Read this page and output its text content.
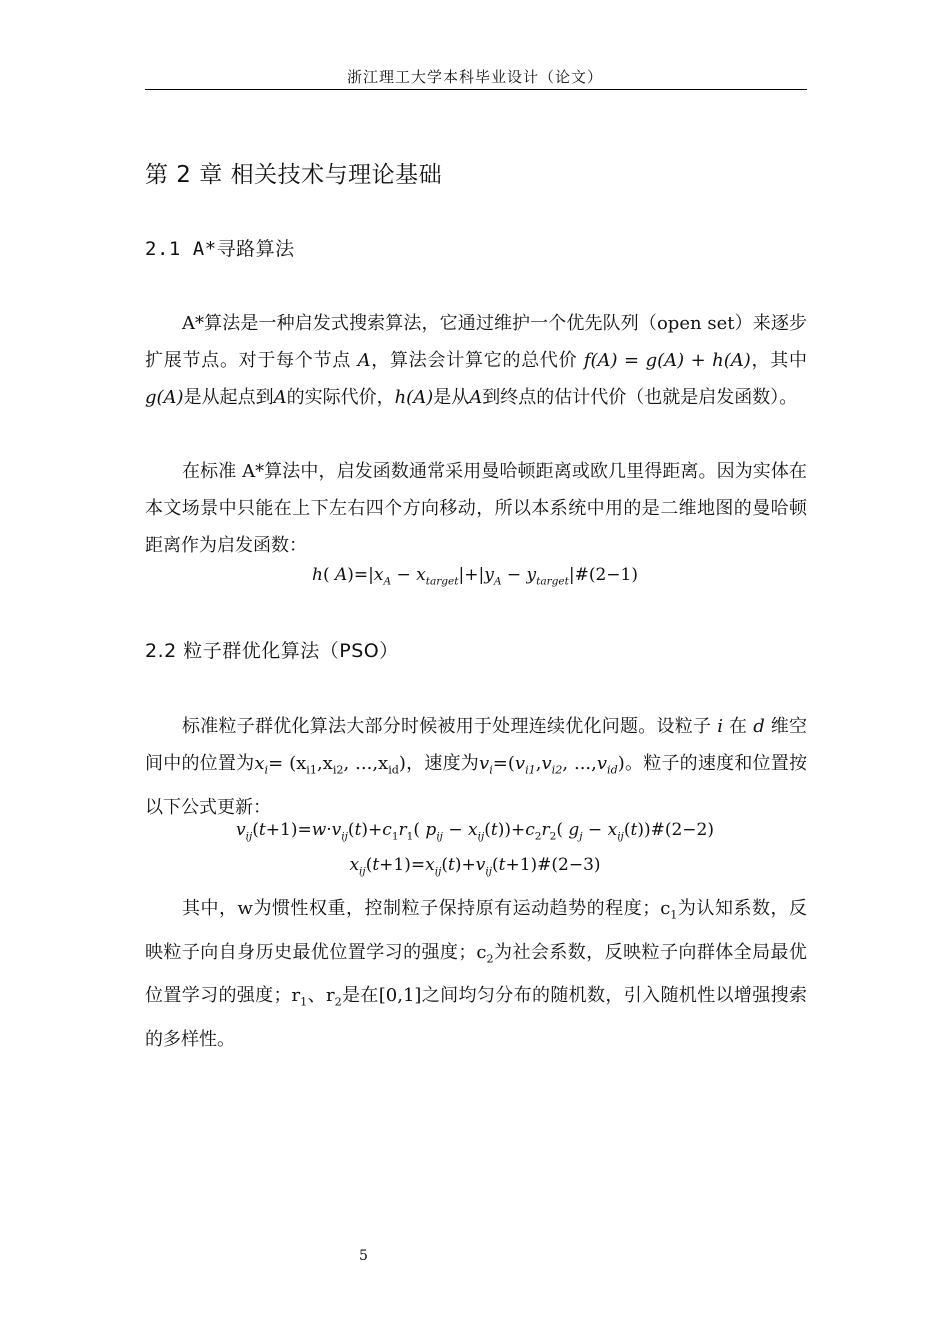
浙江理工大学本科毕业设计（论文）
第 2 章 相关技术与理论基础
2.1 A*寻路算法
A*算法是一种启发式搜索算法，它通过维护一个优先队列（open set）来逐步扩展节点。对于每个节点 A，算法会计算它的总代价 f(A) = g(A) + h(A)，其中 g(A)是从起点到A的实际代价，h(A)是从A到终点的估计代价（也就是启发函数）。
在标准 A*算法中，启发函数通常采用曼哈顿距离或欧几里得距离。因为实体在本文场景中只能在上下左右四个方向移动，所以本系统中用的是二维地图的曼哈顿距离作为启发函数：
h( $A)=|x_A - x_{target}|+|y_A$ − $y_{target}|\#(2-1)$
2.2 粒子群优化算法（PSO）
标准粒子群优化算法大部分时候被用于处理连续优化问题。设粒子 i 在 d 维空间中的位置为$x_i= (x_{i1},x_{i2}$, $...,x_{id}$)，速度为$v_i=(v_{i1},v_{i2}$, $...,v_{id}$)。粒子的速度和位置按以下公式更新：
$v_{ij}(t+1)=w\cdot v_{ij}(t)+c_1r_1$( $p_{ij} - x_{ij}(t))+c_2r_2$( $g_j$ − $x_{ij}(t))\#(2-2)$
$x_{ij}(t+1)=x_{ij}(t)+v_{ij}(t+1)\#(2-3)$
其中，w为惯性权重，控制粒子保持原有运动趋势的程度；$c_1$为认知系数，反映粒子向自身历史最优位置学习的强度；$c_2$为社会系数，反映粒子向群体全局最优位置学习的强度；$r_1$、$r_2$是在[0,1]之间均匀分布的随机数，引入随机性以增强搜索的多样性。
5
